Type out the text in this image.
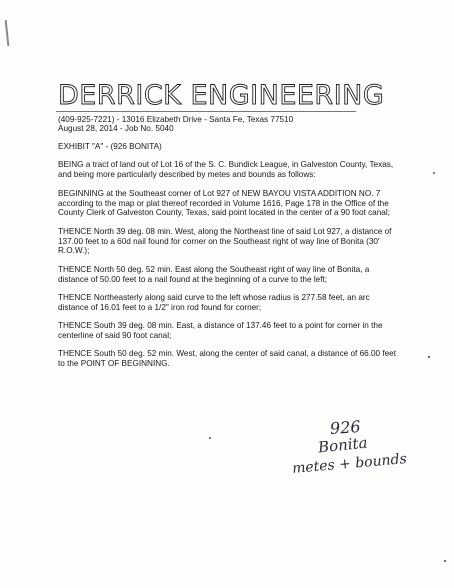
DERRICK ENGINEERING
(409-925-7221) - 13016 Elizabeth Drive - Santa Fe, Texas 77510
August 28, 2014 - Job No. 5040
EXHIBIT "A" - (926 BONITA)
BEING a tract of land out of Lot 16 of the S. C. Bundick League, in Galveston County, Texas,
and being more particularly described by metes and bounds as follows:
BEGINNING at the Southeast corner of Lot 927 of NEW BAYOU VISTA ADDITION NO. 7
according to the map or plat thereof recorded in Volume 1616, Page 178 in the Office of the
County Clerk of Galveston County, Texas, said point located in the center of a 90 foot canal;
THENCE North 39 deg. 08 min. West, along the Northeast line of said Lot 927, a distance of
137.00 feet to a 60d nail found for corner on the Southeast right of way line of Bonita (30'
R.O.W.);
THENCE North 50 deg. 52 min. East along the Southeast right of way line of Bonita, a
distance of 50.00 feet to a nail found at the beginning of a curve to the left;
THENCE Northeasterly along said curve to the left whose radius is 277.58 feet, an arc
distance of 16.01 feet to a 1/2" iron rod found for corner;
THENCE South 39 deg. 08 min. East, a distance of 137.46 feet to a point for corner in the
centerline of said 90 foot canal;
THENCE South 50 deg. 52 min. West, along the center of said canal, a distance of 66.00 feet
to the POINT OF BEGINNING.
926
Bonita
metes + bounds
